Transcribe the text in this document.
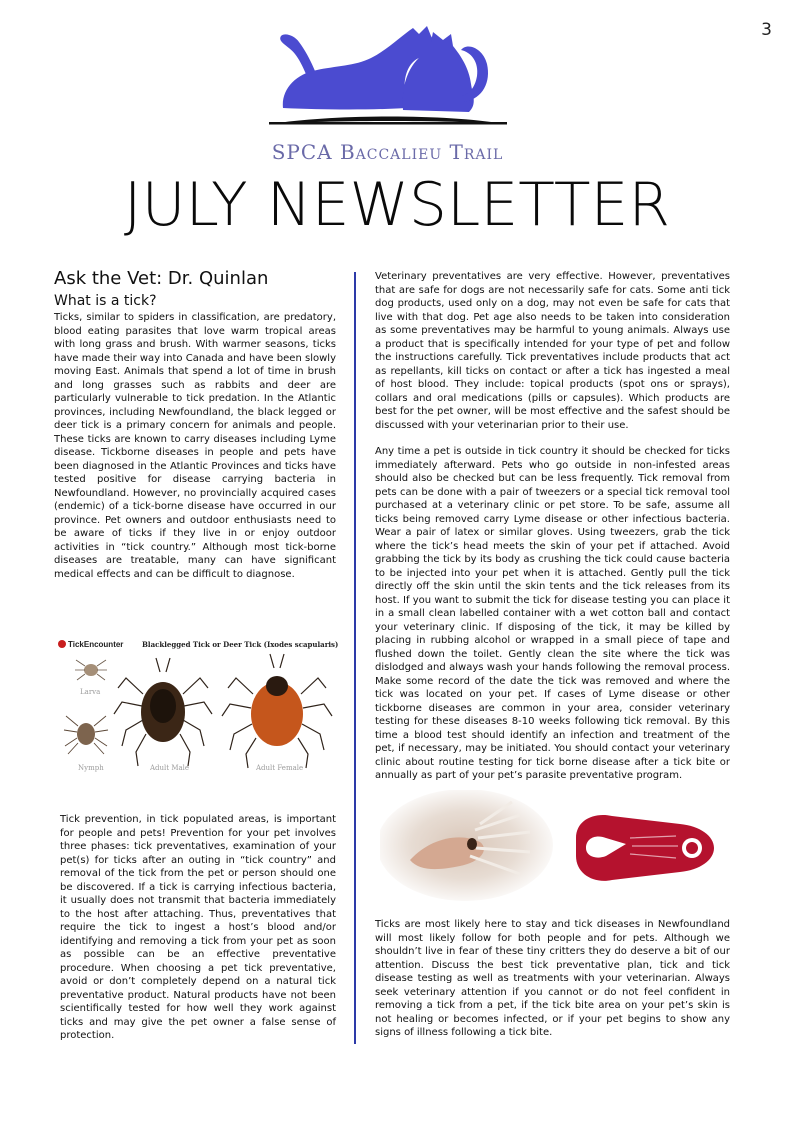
3
SPCA Baccalieu Trail
JULY NEWSLETTER
Ask the Vet: Dr. Quinlan
What is a tick?

Ticks, similar to spiders in classification, are predatory, blood eating parasites that love warm tropical areas with long grass and brush. With warmer seasons, ticks have made their way into Canada and have been slowly moving East. Animals that spend a lot of time in brush and long grasses such as rabbits and deer are particularly vulnerable to tick predation. In the Atlantic provinces, including Newfoundland, the black legged or deer tick is a primary concern for animals and people. These ticks are known to carry diseases including Lyme disease. Tickborne diseases in people and pets have been diagnosed in the Atlantic Provinces and ticks have tested positive for disease carrying bacteria in Newfoundland. However, no provincially acquired cases (endemic) of a tick-borne disease have occurred in our province. Pet owners and outdoor enthusiasts need to be aware of ticks if they live in or enjoy outdoor activities in “tick country.” Although most tick-borne diseases are treatable, many can have significant medical effects and can be difficult to diagnose.

TickEncounter	Blacklegged Tick or Deer Tick (Ixodes scapularis)
Larva
Nymph	Adult Male	Adult Female

Tick prevention, in tick populated areas, is important for people and pets! Prevention for your pet involves three phases: tick preventatives, examination of your pet(s) for ticks after an outing in “tick country” and removal of the tick from the pet or person should one be discovered. If a tick is carrying infectious bacteria, it usually does not transmit that bacteria immediately to the host after attaching. Thus, preventatives that require the tick to ingest a host’s blood and/or identifying and removing a tick from your pet as soon as possible can be an effective preventative procedure. When choosing a pet tick preventative, avoid or don’t completely depend on a natural tick preventative product. Natural products have not been scientifically tested for how well they work against ticks and may give the pet owner a false sense of protection.

Veterinary preventatives are very effective. However, preventatives that are safe for dogs are not necessarily safe for cats. Some anti tick dog products, used only on a dog, may not even be safe for cats that live with that dog. Pet age also needs to be taken into consideration as some preventatives may be harmful to young animals. Always use a product that is specifically intended for your type of pet and follow the instructions carefully. Tick preventatives include products that act as repellants, kill ticks on contact or after a tick has ingested a meal of host blood. They include: topical products (spot ons or sprays), collars and oral medications (pills or capsules). Which products are best for the pet owner, will be most effective and the safest should be discussed with your veterinarian prior to their use.

Any time a pet is outside in tick country it should be checked for ticks immediately afterward. Pets who go outside in non-infested areas should also be checked but can be less frequently. Tick removal from pets can be done with a pair of tweezers or a special tick removal tool purchased at a veterinary clinic or pet store. To be safe, assume all ticks being removed carry Lyme disease or other infectious bacteria. Wear a pair of latex or similar gloves. Using tweezers, grab the tick where the tick’s head meets the skin of your pet if attached. Avoid grabbing the tick by its body as crushing the tick could cause bacteria to be injected into your pet when it is attached. Gently pull the tick directly off the skin until the skin tents and the tick releases from its host. If you want to submit the tick for disease testing you can place it in a small clean labelled container with a wet cotton ball and contact your veterinary clinic. If disposing of the tick, it may be killed by placing in rubbing alcohol or wrapped in a small piece of tape and flushed down the toilet. Gently clean the site where the tick was dislodged and always wash your hands following the removal process. Make some record of the date the tick was removed and where the tick was located on your pet. If cases of Lyme disease or other tickborne diseases are common in your area, consider veterinary testing for these diseases 8-10 weeks following tick removal. By this time a blood test should identify an infection and treatment of the pet, if necessary, may be initiated. You should contact your veterinary clinic about routine testing for tick borne disease after a tick bite or annually as part of your pet’s parasite preventative program.

Ticks are most likely here to stay and tick diseases in Newfoundland will most likely follow for both people and for pets. Although we shouldn’t live in fear of these tiny critters they do deserve a bit of our attention. Discuss the best tick preventative plan, tick and tick disease testing as well as treatments with your veterinarian. Always seek veterinary attention if you cannot or do not feel confident in removing a tick from a pet, if the tick bite area on your pet’s skin is not healing or becomes infected, or if your pet begins to show any signs of illness following a tick bite.
